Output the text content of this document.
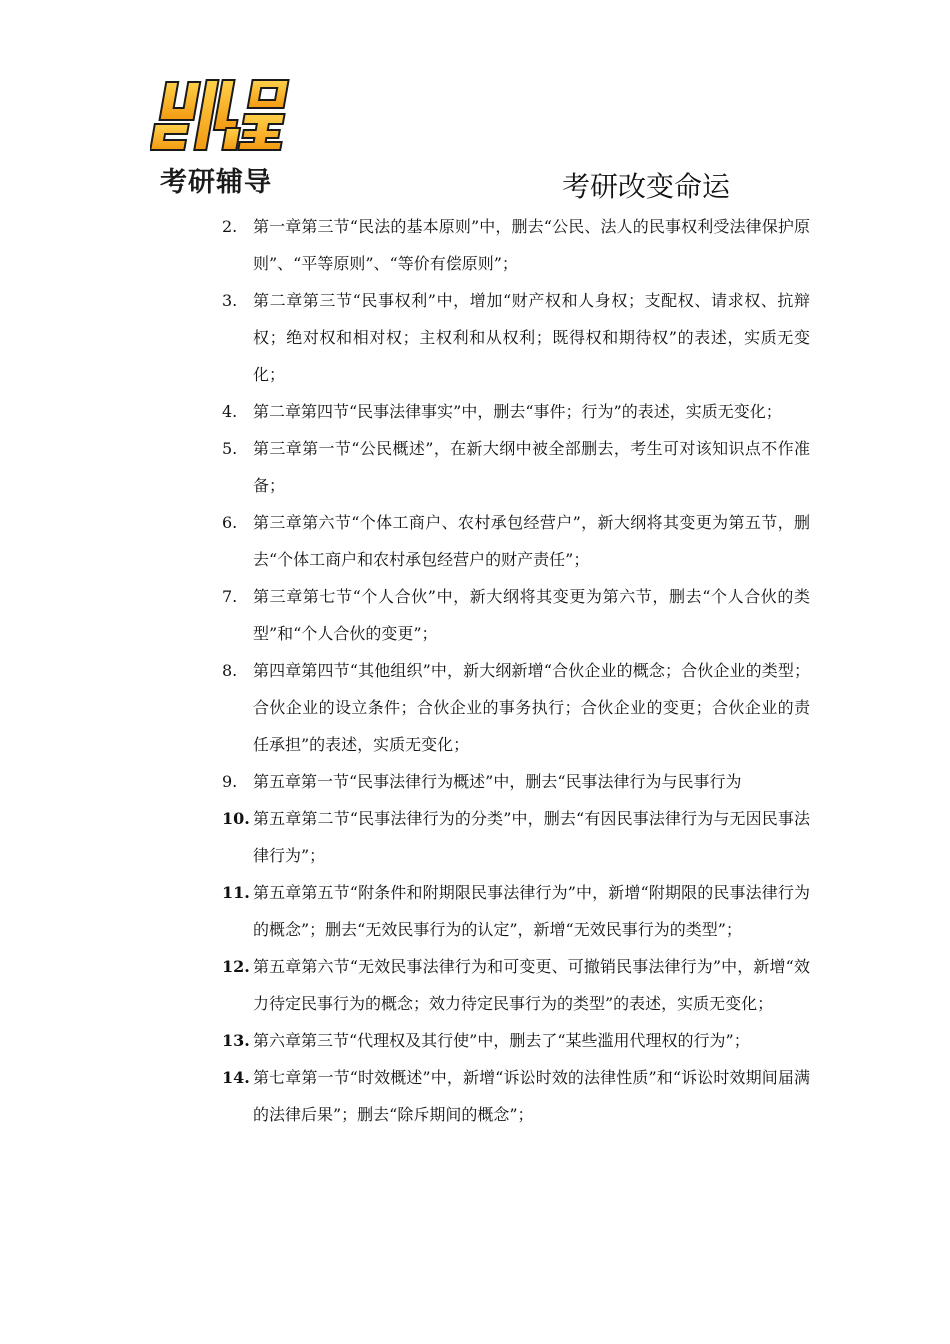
考研辅导	考研改变命运
2. 第一章第三节“民法的基本原则”中，删去“公民、法人的民事权利受法律保护原则”、“平等原则”、“等价有偿原则”；
3. 第二章第三节“民事权利”中，增加“财产权和人身权；支配权、请求权、抗辩权；绝对权和相对权；主权利和从权利；既得权和期待权”的表述，实质无变化；
4. 第二章第四节“民事法律事实”中，删去“事件；行为”的表述，实质无变化；
5. 第三章第一节“公民概述”，在新大纲中被全部删去，考生可对该知识点不作准备；
6. 第三章第六节“个体工商户、农村承包经营户”，新大纲将其变更为第五节，删去“个体工商户和农村承包经营户的财产责任”；
7. 第三章第七节“个人合伙”中，新大纲将其变更为第六节，删去“个人合伙的类型”和“个人合伙的变更”；
8. 第四章第四节“其他组织”中，新大纲新增“合伙企业的概念；合伙企业的类型；合伙企业的设立条件；合伙企业的事务执行；合伙企业的变更；合伙企业的责任承担”的表述，实质无变化；
9. 第五章第一节“民事法律行为概述”中，删去“民事法律行为与民事行为
10. 第五章第二节“民事法律行为的分类”中，删去“有因民事法律行为与无因民事法律行为”；
11. 第五章第五节“附条件和附期限民事法律行为”中，新增“附期限的民事法律行为的概念”；删去“无效民事行为的认定”，新增“无效民事行为的类型”；
12. 第五章第六节“无效民事法律行为和可变更、可撤销民事法律行为”中，新增“效力待定民事行为的概念；效力待定民事行为的类型”的表述，实质无变化；
13. 第六章第三节“代理权及其行使”中，删去了“某些滥用代理权的行为”；
14. 第七章第一节“时效概述”中，新增“诉讼时效的法律性质”和“诉讼时效期间届满的法律后果”；删去“除斥期间的概念”；
